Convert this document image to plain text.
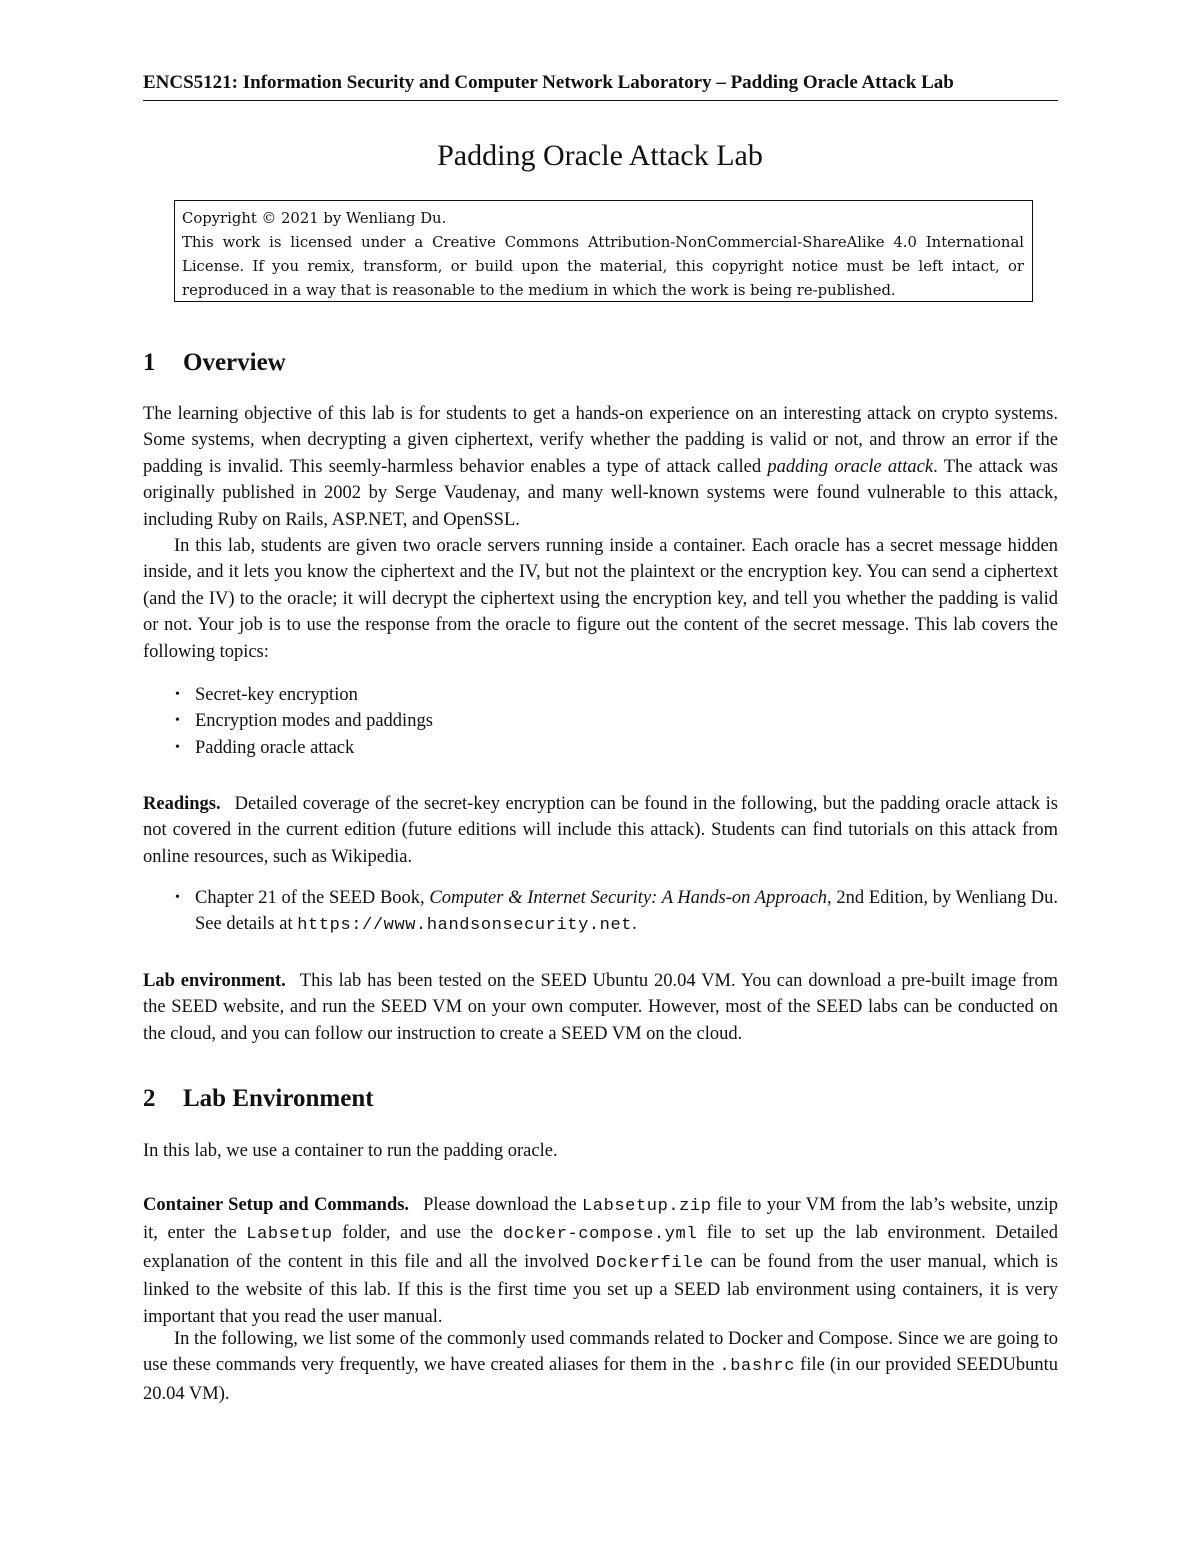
ENCS5121: Information Security and Computer Network Laboratory – Padding Oracle Attack Lab
Padding Oracle Attack Lab

Copyright © 2021 by Wenliang Du.

This work is licensed under a Creative Commons Attribution-NonCommercial-ShareAlike 4.0 International License. If you remix, transform, or build upon the material, this copyright notice must be left intact, or reproduced in a way that is reasonable to the medium in which the work is being re-published.

1 Overview

The learning objective of this lab is for students to get a hands-on experience on an interesting attack on crypto systems. Some systems, when decrypting a given ciphertext, verify whether the padding is valid or not, and throw an error if the padding is invalid. This seemly-harmless behavior enables a type of attack called padding oracle attack. The attack was originally published in 2002 by Serge Vaudenay, and many well-known systems were found vulnerable to this attack, including Ruby on Rails, ASP.NET, and OpenSSL.

In this lab, students are given two oracle servers running inside a container. Each oracle has a secret message hidden inside, and it lets you know the ciphertext and the IV, but not the plaintext or the encryption key. You can send a ciphertext (and the IV) to the oracle; it will decrypt the ciphertext using the encryption key, and tell you whether the padding is valid or not. Your job is to use the response from the oracle to figure out the content of the secret message. This lab covers the following topics:

• Secret-key encryption
• Encryption modes and paddings
• Padding oracle attack

Readings. Detailed coverage of the secret-key encryption can be found in the following, but the padding oracle attack is not covered in the current edition (future editions will include this attack). Students can find tutorials on this attack from online resources, such as Wikipedia.

• Chapter 21 of the SEED Book, Computer & Internet Security: A Hands-on Approach, 2nd Edition, by Wenliang Du. See details at https://www.handsonsecurity.net.

Lab environment. This lab has been tested on the SEED Ubuntu 20.04 VM. You can download a pre-built image from the SEED website, and run the SEED VM on your own computer. However, most of the SEED labs can be conducted on the cloud, and you can follow our instruction to create a SEED VM on the cloud.

2 Lab Environment

In this lab, we use a container to run the padding oracle.

Container Setup and Commands. Please download the Labsetup.zip file to your VM from the lab’s website, unzip it, enter the Labsetup folder, and use the docker-compose.yml file to set up the lab environment. Detailed explanation of the content in this file and all the involved Dockerfile can be found from the user manual, which is linked to the website of this lab. If this is the first time you set up a SEED lab environment using containers, it is very important that you read the user manual.

In the following, we list some of the commonly used commands related to Docker and Compose. Since we are going to use these commands very frequently, we have created aliases for them in the .bashrc file (in our provided SEEDUbuntu 20.04 VM).
